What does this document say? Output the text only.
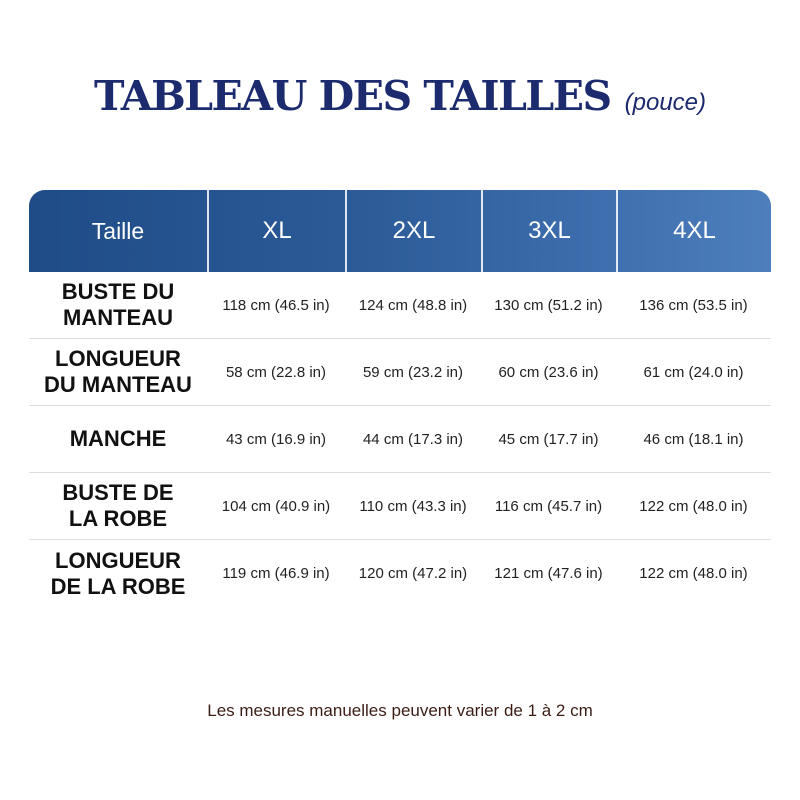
TABLEAU DES TAILLES (pouce)
Taille	XL	2XL	3XL	4XL
BUSTE DU
MANTEAU	118 cm (46.5 in)	124 cm (48.8 in)	130 cm (51.2 in)	136 cm (53.5 in)
LONGUEUR
DU MANTEAU	58 cm (22.8 in)	59 cm (23.2 in)	60 cm (23.6 in)	61 cm (24.0 in)
MANCHE	43 cm (16.9 in)	44 cm (17.3 in)	45 cm (17.7 in)	46 cm (18.1 in)
BUSTE DE
LA ROBE	104 cm (40.9 in)	110 cm (43.3 in)	116 cm (45.7 in)	122 cm (48.0 in)
LONGUEUR
DE LA ROBE	119 cm (46.9 in)	120 cm (47.2 in)	121 cm (47.6 in)	122 cm (48.0 in)
Les mesures manuelles peuvent varier de 1 à 2 cm
